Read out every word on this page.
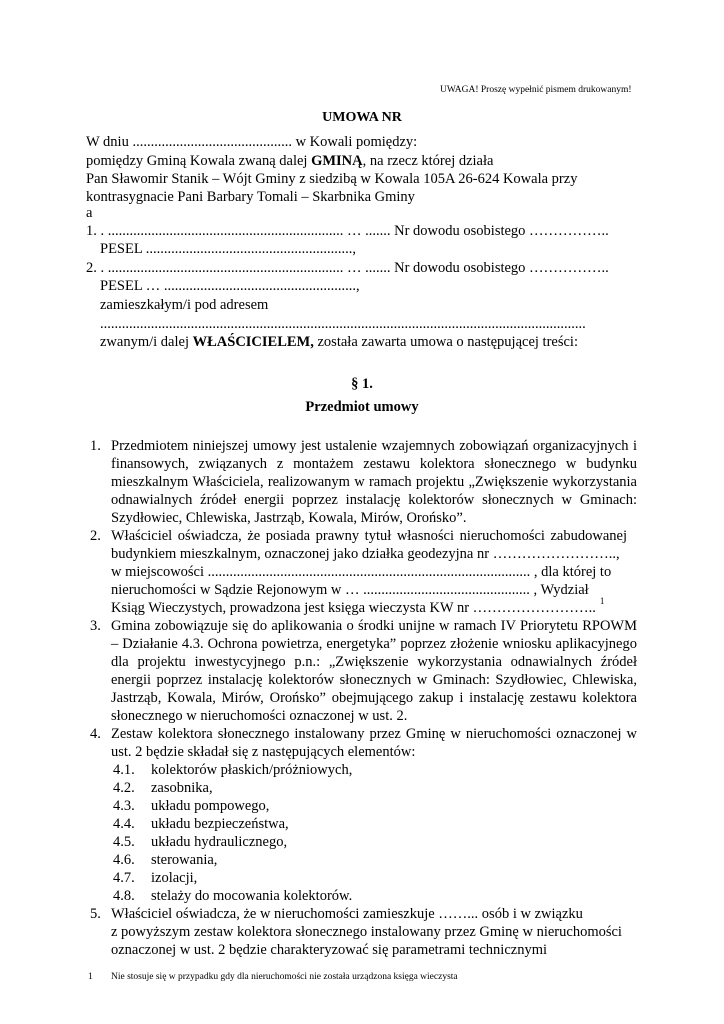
UWAGA! Proszę wypełnić pismem drukowanym!
UMOWA NR
W dniu ............................................ w Kowali pomiędzy:
pomiędzy Gminą Kowala zwaną dalej GMINĄ, na rzecz której działa
Pan Sławomir Stanik – Wójt Gminy z siedzibą w Kowala 105A 26-624 Kowala przy
kontrasygnacie Pani Barbary Tomali – Skarbnika Gminy
a
1. . ................................................................. … ....... Nr dowodu osobistego ……………..
PESEL .........................................................,
2. . ................................................................. … ....... Nr dowodu osobistego ……………..
PESEL … .....................................................,
zamieszkałym/i pod adresem
......................................................................................................................................
zwanym/i dalej WŁAŚCICIELEM, została zawarta umowa o następującej treści:
§ 1.
Przedmiot umowy
1. Przedmiotem niniejszej umowy jest ustalenie wzajemnych zobowiązań organizacyjnych i
finansowych, związanych z montażem zestawu kolektora słonecznego w budynku
mieszkalnym Właściciela, realizowanym w ramach projektu „Zwiększenie wykorzystania
odnawialnych źródeł energii poprzez instalację kolektorów słonecznych w Gminach:
Szydłowiec, Chlewiska, Jastrząb, Kowala, Mirów, Orońsko”.
2. Właściciel oświadcza, że posiada prawny tytuł własności nieruchomości zabudowanej
budynkiem mieszkalnym, oznaczonej jako działka geodezyjna nr ……………………..,
w miejscowości ......................................................................................... , dla której to
nieruchomości w Sądzie Rejonowym w … .............................................. , Wydział
Ksiąg Wieczystych, prowadzona jest księga wieczysta KW nr …………………….. $^1$
3. Gmina zobowiązuje się do aplikowania o środki unijne w ramach IV Priorytetu RPOWM
– Działanie 4.3. Ochrona powietrza, energetyka” poprzez złożenie wniosku aplikacyjnego
dla projektu inwestycyjnego p.n.: „Zwiększenie wykorzystania odnawialnych źródeł
energii poprzez instalację kolektorów słonecznych w Gminach: Szydłowiec, Chlewiska,
Jastrząb, Kowala, Mirów, Orońsko” obejmującego zakup i instalację zestawu kolektora
słonecznego w nieruchomości oznaczonej w ust. 2.
4. Zestaw kolektora słonecznego instalowany przez Gminę w nieruchomości oznaczonej w
ust. 2 będzie składał się z następujących elementów:
4.1. kolektorów płaskich/próżniowych,
4.2. zasobnika,
4.3. układu pompowego,
4.4. układu bezpieczeństwa,
4.5. układu hydraulicznego,
4.6. sterowania,
4.7. izolacji,
4.8. stelaży do mocowania kolektorów.
5. Właściciel oświadcza, że w nieruchomości zamieszkuje ……... osób i w związku
z powyższym zestaw kolektora słonecznego instalowany przez Gminę w nieruchomości
oznaczonej w ust. 2 będzie charakteryzować się parametrami technicznymi
1 Nie stosuje się w przypadku gdy dla nieruchomości nie została urządzona księga wieczysta
